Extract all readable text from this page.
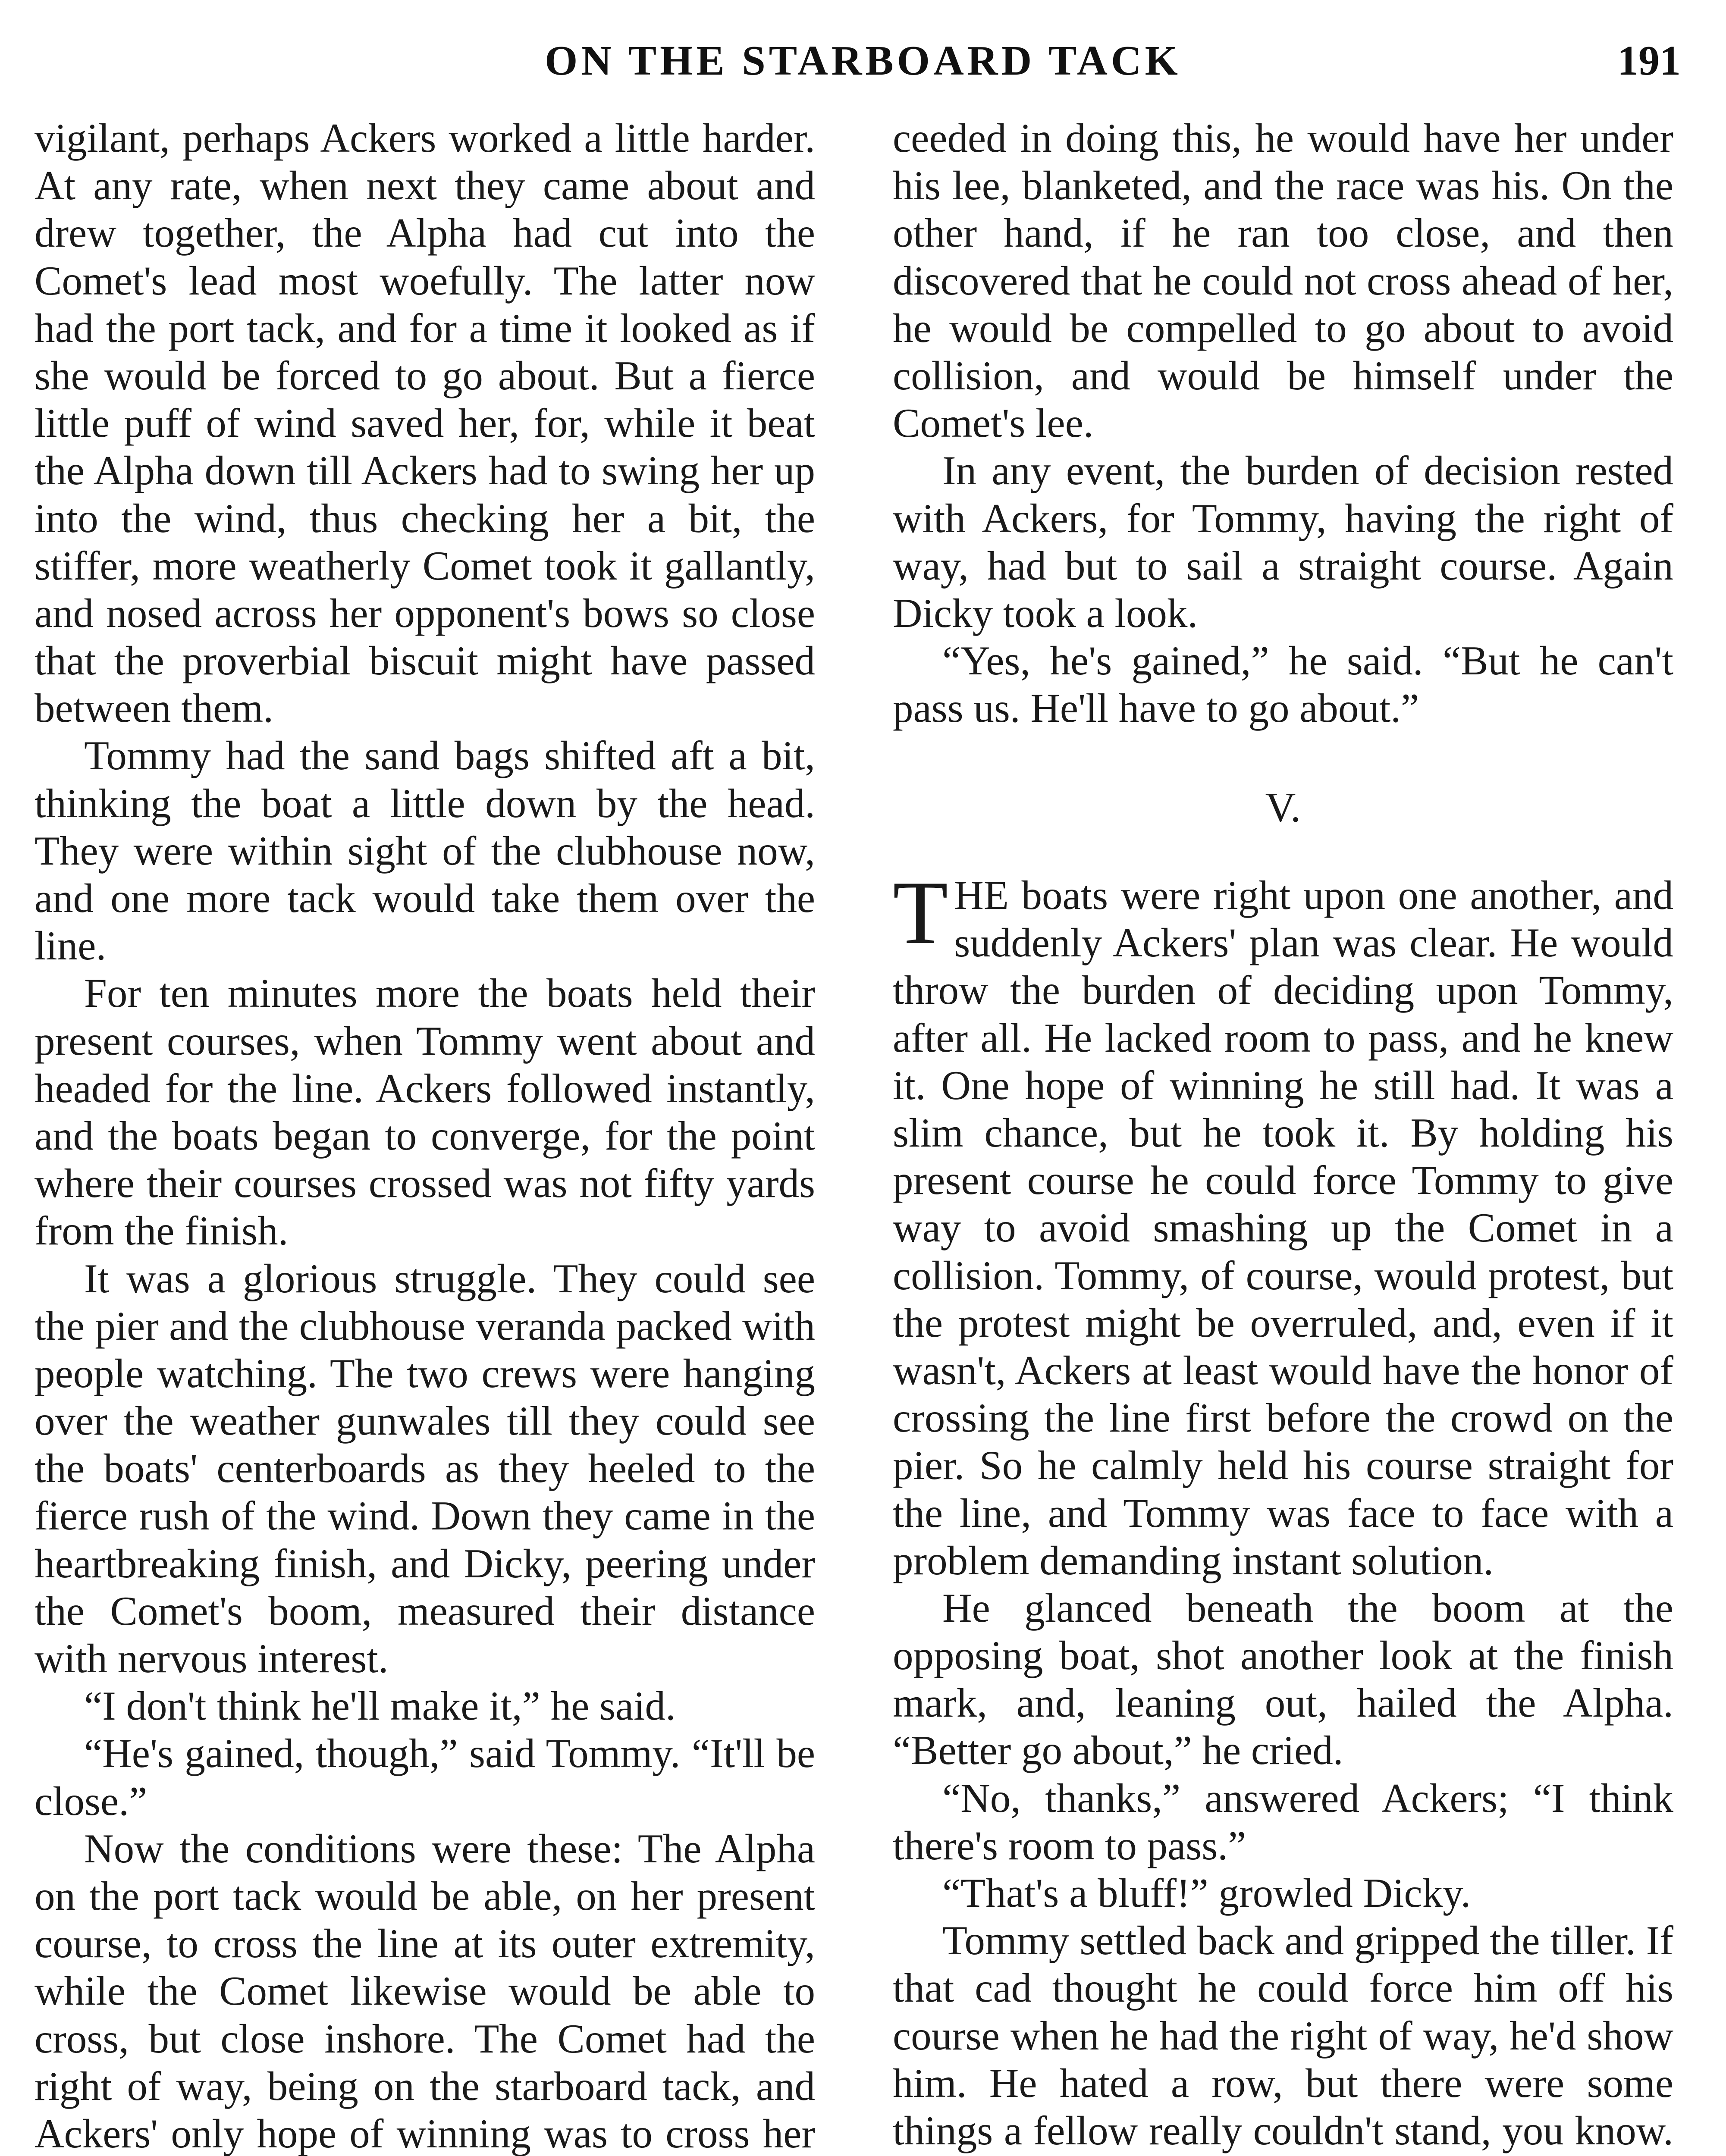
ON THE STARBOARD TACK	191

vigilant, perhaps Ackers worked a little harder. At any rate, when next they came about and drew together, the Alpha had cut into the Comet's lead most woefully. The latter now had the port tack, and for a time it looked as if she would be forced to go about. But a fierce little puff of wind saved her, for, while it beat the Alpha down till Ackers had to swing her up into the wind, thus checking her a bit, the stiffer, more weatherly Comet took it gallantly, and nosed across her opponent's bows so close that the proverbial biscuit might have passed between them.

Tommy had the sand bags shifted aft a bit, thinking the boat a little down by the head. They were within sight of the clubhouse now, and one more tack would take them over the line.

For ten minutes more the boats held their present courses, when Tommy went about and headed for the line. Ackers followed instantly, and the boats began to converge, for the point where their courses crossed was not fifty yards from the finish.

It was a glorious struggle. They could see the pier and the clubhouse veranda packed with people watching. The two crews were hanging over the weather gunwales till they could see the boats' centerboards as they heeled to the fierce rush of the wind. Down they came in the heartbreaking finish, and Dicky, peering under the Comet's boom, measured their distance with nervous interest.

“I don't think he'll make it,” he said.

“He's gained, though,” said Tommy. “It'll be close.”

Now the conditions were these: The Alpha on the port tack would be able, on her present course, to cross the line at its outer extremity, while the Comet likewise would be able to cross, but close inshore. The Comet had the right of way, being on the starboard tack, and Ackers' only hope of winning was to cross her

ceeded in doing this, he would have her under his lee, blanketed, and the race was his. On the other hand, if he ran too close, and then discovered that he could not cross ahead of her, he would be compelled to go about to avoid collision, and would be himself under the Comet's lee.

In any event, the burden of decision rested with Ackers, for Tommy, having the right of way, had but to sail a straight course. Again Dicky took a look.

“Yes, he's gained,” he said. “But he can't pass us. He'll have to go about.”

V.

THE boats were right upon one another, and suddenly Ackers' plan was clear. He would throw the burden of deciding upon Tommy, after all. He lacked room to pass, and he knew it. One hope of winning he still had. It was a slim chance, but he took it. By holding his present course he could force Tommy to give way to avoid smashing up the Comet in a collision. Tommy, of course, would protest, but the protest might be overruled, and, even if it wasn't, Ackers at least would have the honor of crossing the line first before the crowd on the pier. So he calmly held his course straight for the line, and Tommy was face to face with a problem demanding instant solution.

He glanced beneath the boom at the opposing boat, shot another look at the finish mark, and, leaning out, hailed the Alpha. “Better go about,” he cried.

“No, thanks,” answered Ackers; “I think there's room to pass.”

“That's a bluff!” growled Dicky.

Tommy settled back and gripped the tiller. If that cad thought he could force him off his course when he had the right of way, he'd show him. He hated a row, but there were some things a fellow really couldn't stand, you know.
